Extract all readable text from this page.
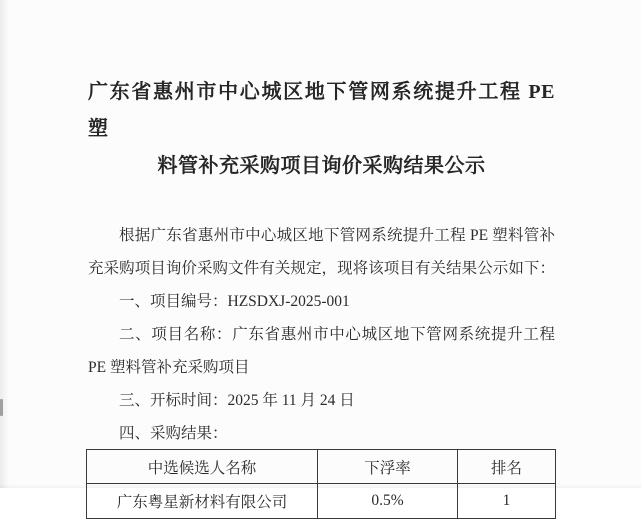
广东省惠州市中心城区地下管网系统提升工程 PE 塑
料管补充采购项目询价采购结果公示
根据广东省惠州市中心城区地下管网系统提升工程 PE 塑料管补
充采购项目询价采购文件有关规定，现将该项目有关结果公示如下：
一、项目编号：HZSDXJ-2025-001
二、项目名称：广东省惠州市中心城区地下管网系统提升工程
PE 塑料管补充采购项目
三、开标时间：2025 年 11 月 24 日
四、采购结果：
中选候选人名称	下浮率	排名
广东粤星新材料有限公司	0.5%	1
